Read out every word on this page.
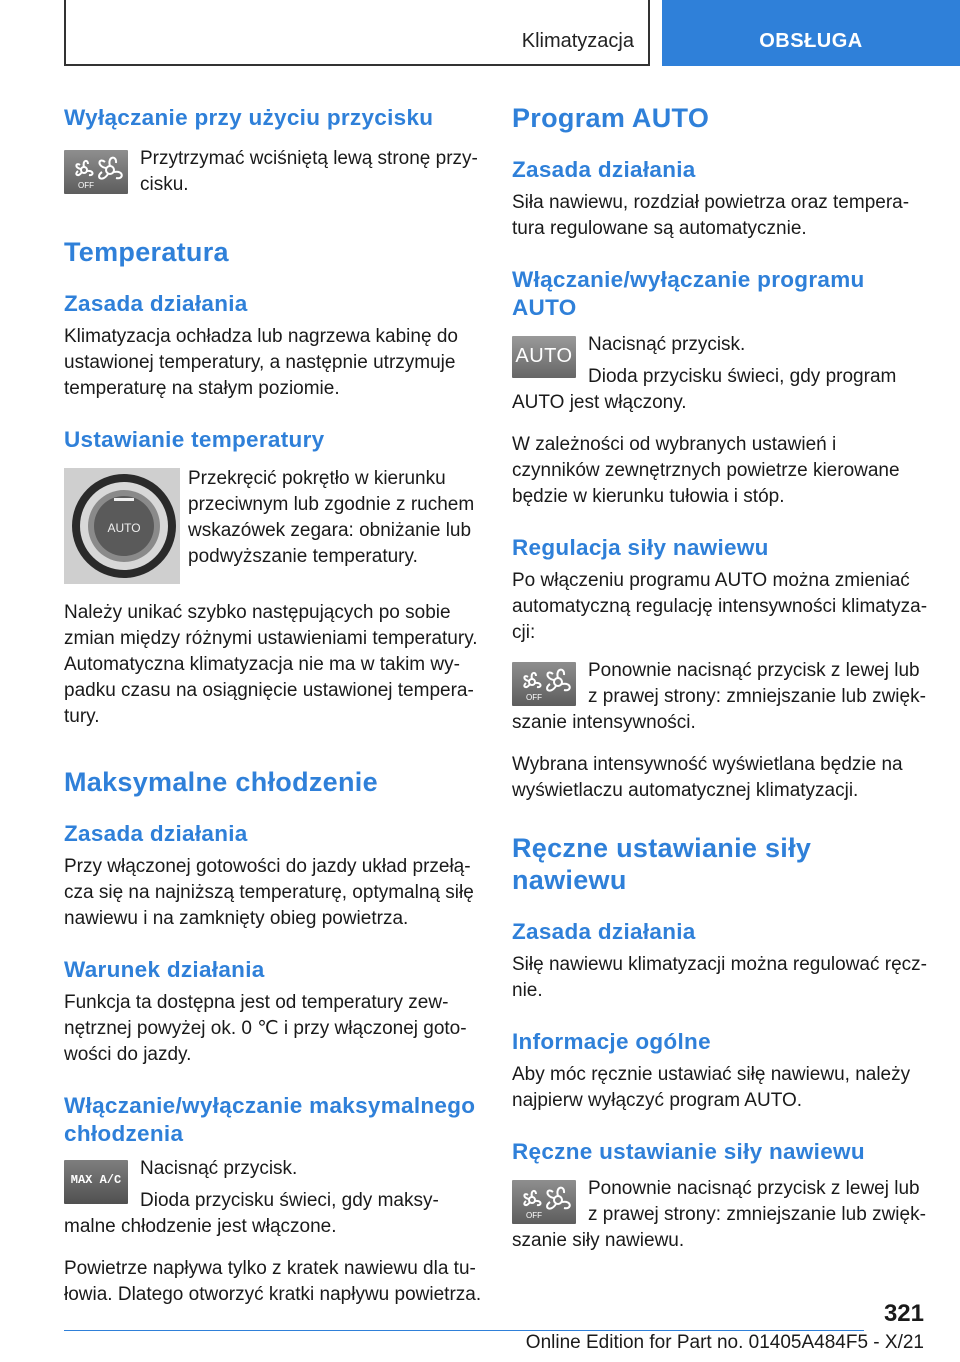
Klimatyzacja	OBSŁUGA
Wyłączanie przy użyciu przycisku
OFF

Przytrzymać wciśniętą lewą stronę przycisku.

Temperatura
Zasada działania

Klimatyzacja ochładza lub nagrzewa kabinę do ustawionej temperatury, a następnie utrzymuje temperaturę na stałym poziomie.

Ustawianie temperatury
AUTO

Przekręcić pokrętło w kierunku przeciwnym lub zgodnie z ruchem wskazówek zegara: obniżanie lub podwyższanie temperatury.

Należy unikać szybko następujących po sobie zmian między różnymi ustawieniami temperatury. Automatyczna klimatyzacja nie ma w takim wypadku czasu na osiągnięcie ustawionej temperatury.

Maksymalne chłodzenie
Zasada działania

Przy włączonej gotowości do jazdy układ przełącza się na najniższą temperaturę, optymalną siłę nawiewu i na zamknięty obieg powietrza.

Warunek działania

Funkcja ta dostępna jest od temperatury zewnętrznej powyżej ok. 0 ℃ i przy włączonej gotowości do jazdy.

Włączanie/wyłączanie maksymalnego chłodzenia
MAX A/C

Nacisnąć przycisk.

Dioda przycisku świeci, gdy maksymalne chłodzenie jest włączone.

Powietrze napływa tylko z kratek nawiewu dla tułowia. Dlatego otworzyć kratki napływu powietrza.

Program AUTO
Zasada działania

Siła nawiewu, rozdział powietrza oraz temperatura regulowane są automatycznie.

Włączanie/wyłączanie programu AUTO
AUTO

Nacisnąć przycisk.

Dioda przycisku świeci, gdy program AUTO jest włączony.

W zależności od wybranych ustawień i czynników zewnętrznych powietrze kierowane będzie w kierunku tułowia i stóp.

Regulacja siły nawiewu

Po włączeniu programu AUTO można zmieniać automatyczną regulację intensywności klimatyzacji:

OFF

Ponownie nacisnąć przycisk z lewej lub z prawej strony: zmniejszanie lub zwiększanie intensywności.

Wybrana intensywność wyświetlana będzie na wyświetlaczu automatycznej klimatyzacji.

Ręczne ustawianie siły nawiewu
Zasada działania

Siłę nawiewu klimatyzacji można regulować ręcznie.

Informacje ogólne

Aby móc ręcznie ustawiać siłę nawiewu, należy najpierw wyłączyć program AUTO.

Ręczne ustawianie siły nawiewu
OFF

Ponownie nacisnąć przycisk z lewej lub z prawej strony: zmniejszanie lub zwiększanie siły nawiewu.

321
Online Edition for Part no. 01405A484F5 - X/21
